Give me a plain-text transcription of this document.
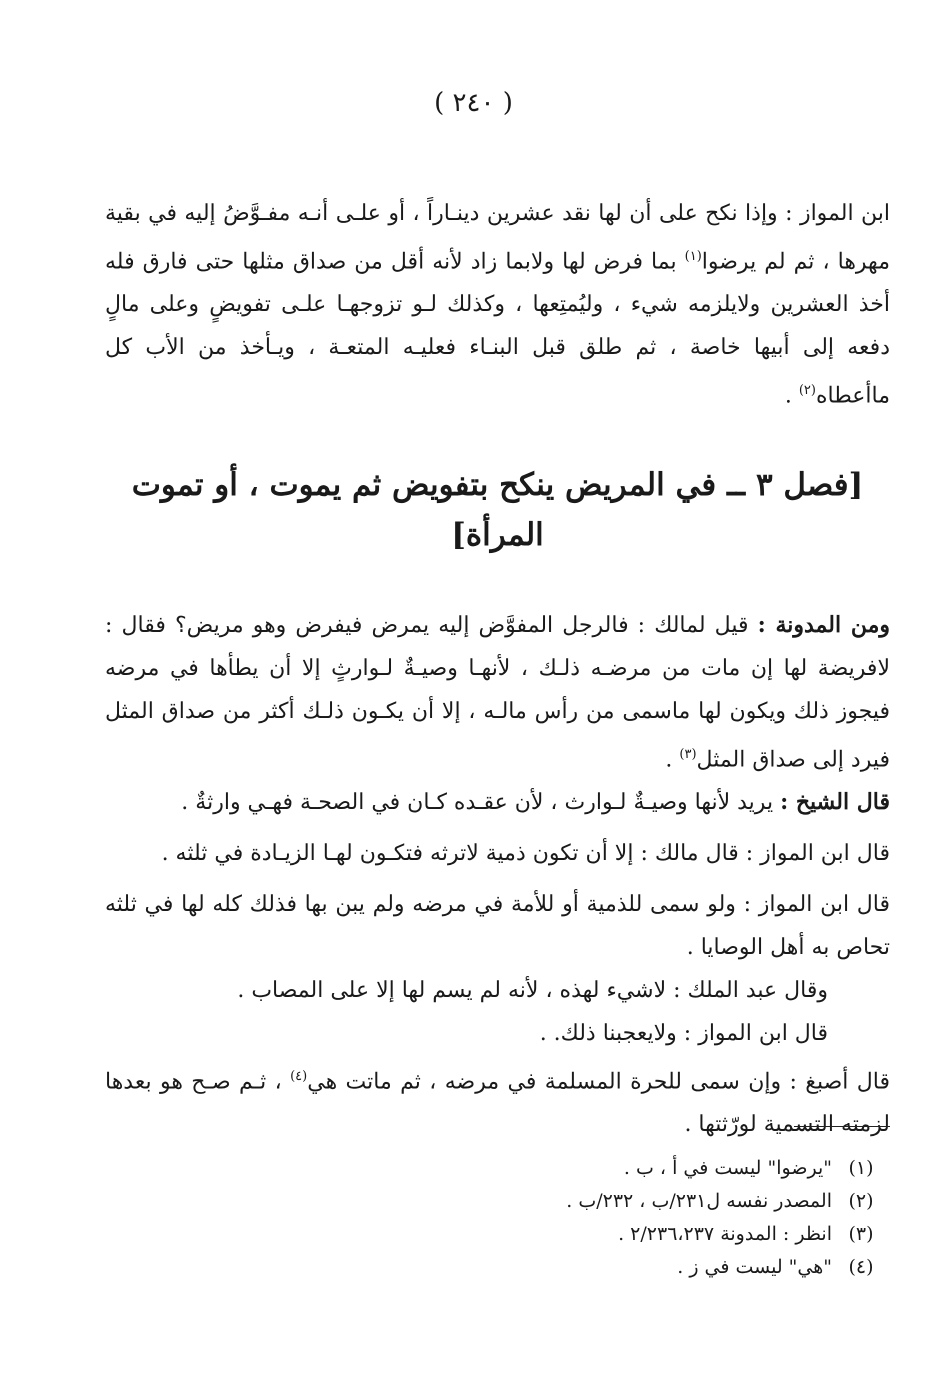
( ٢٤٠ )

ابن المواز : وإذا نكح على أن لها نقد عشرين دينـاراً ، أو علـى أنـه مفـوَّضُ إليه في بقية مهرها ، ثم لم يرضوا$^{(١)}$ بما فرض لها ولابما زاد لأنه أقل من صداق مثلها حتى فارق فله أخذ العشرين ولايلزمه شيء ، وليُمتِعها ، وكذلك لـو تزوجهـا علـى تفويضٍ وعلى مالٍ دفعه إلى أبيها خاصة ، ثم طلق قبل البنـاء فعليـه المتعـة ، ويـأخذ من الأب كل ماأعطاه$^{(٢)}$ .

[فصل ٣ ــ في المريض ينكح بتفويض ثم يموت ، أو تموت المرأة]

ومن المدونة : قيل لمالك : فالرجل المفوَّض إليه يمرض فيفرض وهو مريض؟ فقال : لافريضة لها إن مات من مرضـه ذلـك ، لأنهـا وصيـةٌ لـوارثٍ إلا أن يطأها في مرضه فيجوز ذلك ويكون لها ماسمى من رأس مالـه ، إلا أن يكـون ذلـك أكثر من صداق المثل فيرد إلى صداق المثل$^{(٣)}$ .

قال الشيخ : يريد لأنها وصيـةٌ لـوارث ، لأن عقـده كـان في الصحـة فهـي وارثةٌ .

قال ابن المواز : قال مالك : إلا أن تكون ذمية لاترثه فتكـون لهـا الزيـادة في ثلثه .

قال ابن المواز : ولو سمى للذمية أو للأمة في مرضه ولم يبن بها فذلك كله لها في ثلثه تحاص به أهل الوصايا .

وقال عبد الملك : لاشيء لهذه ، لأنه لم يسم لها إلا على المصاب .

قال ابن المواز : ولايعجبنا ذلك. .

قال أصبغ : وإن سمى للحرة المسلمة في مرضه ، ثم ماتت هي$^{(٤)}$ ، ثـم صـح هو بعدها لزمته التسمية لورّثتها .

(١)
"يرضوا" ليست في أ ، ب .
(٢)
المصدر نفسه ل٢٣١/ب ، ٢٣٢/ب .
(٣)
انظر : المدونة ٢/٢٣٦،٢٣٧ .
(٤)
"هي" ليست في ز .
